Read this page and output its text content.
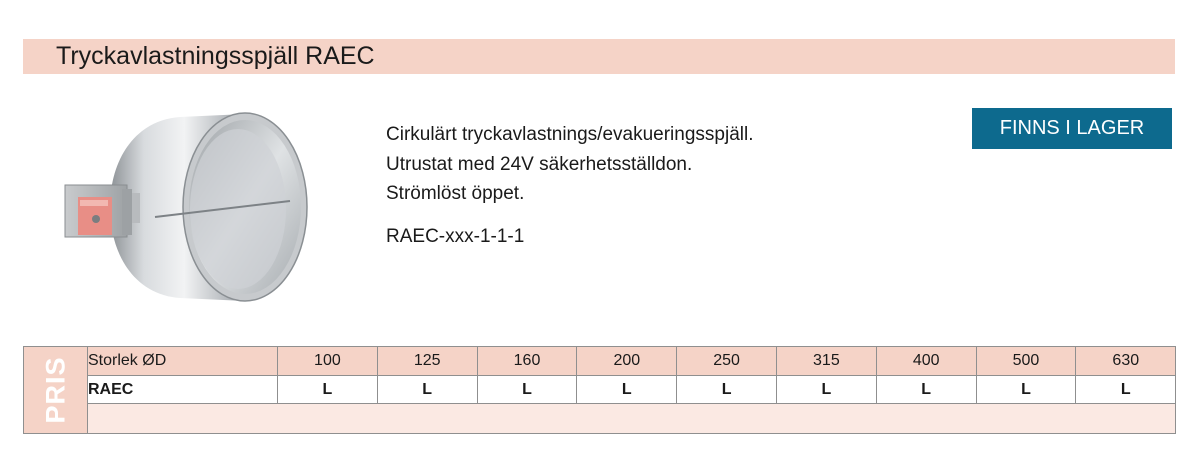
Tryckavlastningsspjäll RAEC
Cirkulärt tryckavlastnings/evakueringsspjäll.
Utrustat med 24V säkerhetsställdon.
Strömlöst öppet.
RAEC-xxx-1-1-1
FINNS I LAGER
PRIS	Storlek ØD	100	125	160	200	250	315	400	500	630
	RAEC	L	L	L	L	L	L	L	L	L
